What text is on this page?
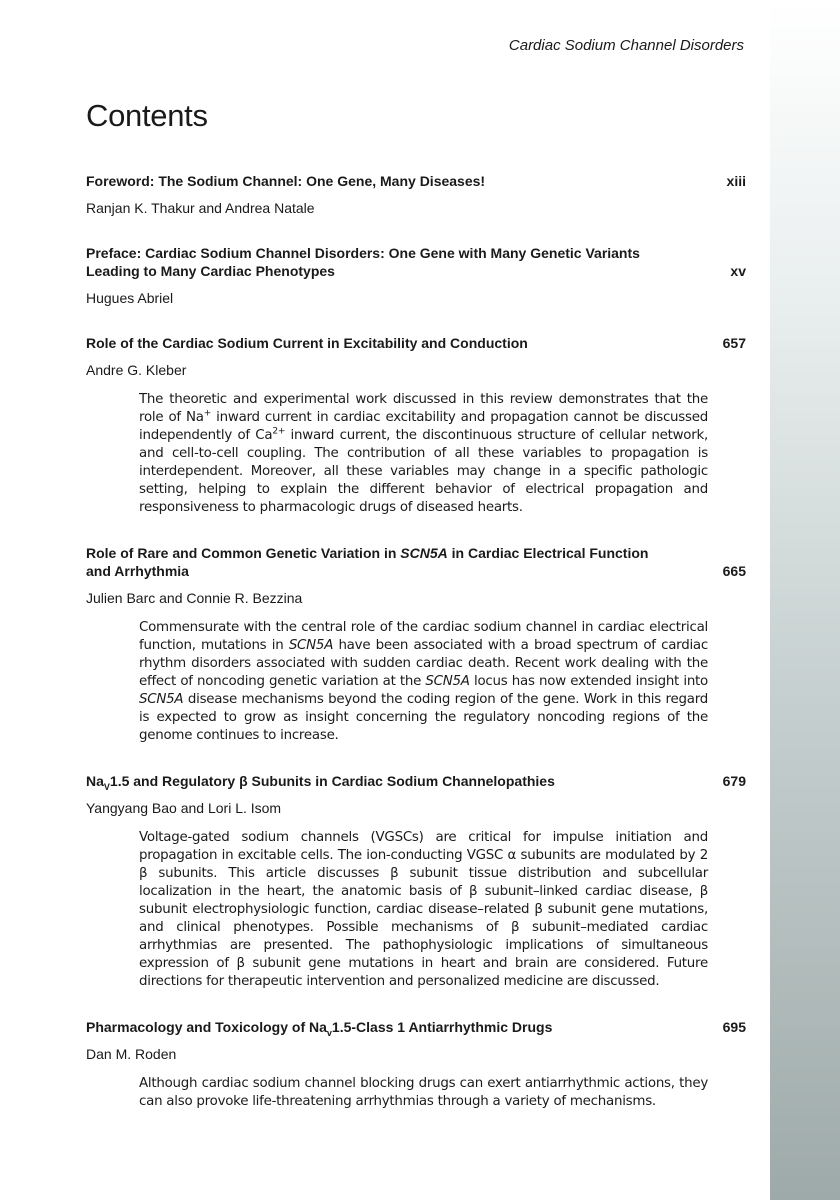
Cardiac Sodium Channel Disorders
Contents

Foreword: The Sodium Channel: One Gene, Many Diseases!	xiii
Ranjan K. Thakur and Andrea Natale

Preface: Cardiac Sodium Channel Disorders: One Gene with Many Genetic Variants
Leading to Many Cardiac Phenotypes	xv
Hugues Abriel

Role of the Cardiac Sodium Current in Excitability and Conduction	657
Andre G. Kleber
The theoretic and experimental work discussed in this review demonstrates that the role of Na+ inward current in cardiac excitability and propagation cannot be discussed independently of $Ca^{2+}$ inward current, the discontinuous structure of cellular network, and cell-to-cell coupling. The contribution of all these variables to propagation is interdependent. Moreover, all these variables may change in a specific pathologic setting, helping to explain the different behavior of electrical propagation and responsiveness to pharmacologic drugs of diseased hearts.

Role of Rare and Common Genetic Variation in SCN5A in Cardiac Electrical Function
and Arrhythmia	665
Julien Barc and Connie R. Bezzina
Commensurate with the central role of the cardiac sodium channel in cardiac electrical function, mutations in SCN5A have been associated with a broad spectrum of cardiac rhythm disorders associated with sudden cardiac death. Recent work dealing with the effect of noncoding genetic variation at the SCN5A locus has now extended insight into SCN5A disease mechanisms beyond the coding region of the gene. Work in this regard is expected to grow as insight concerning the regulatory noncoding regions of the genome continues to increase.

$Na_V1.5$ and Regulatory β Subunits in Cardiac Sodium Channelopathies	679
Yangyang Bao and Lori L. Isom
Voltage-gated sodium channels (VGSCs) are critical for impulse initiation and propagation in excitable cells. The ion-conducting VGSC α subunits are modulated by 2 β subunits. This article discusses β subunit tissue distribution and subcellular localization in the heart, the anatomic basis of β subunit–linked cardiac disease, β subunit electrophysiologic function, cardiac disease–related β subunit gene mutations, and clinical phenotypes. Possible mechanisms of β subunit–mediated cardiac arrhythmias are presented. The pathophysiologic implications of simultaneous expression of β subunit gene mutations in heart and brain are considered. Future directions for therapeutic intervention and personalized medicine are discussed.

Pharmacology and Toxicology of $Na_v1.5$-Class 1 Antiarrhythmic Drugs	695
Dan M. Roden
Although cardiac sodium channel blocking drugs can exert antiarrhythmic actions, they can also provoke life-threatening arrhythmias through a variety of mechanisms.
